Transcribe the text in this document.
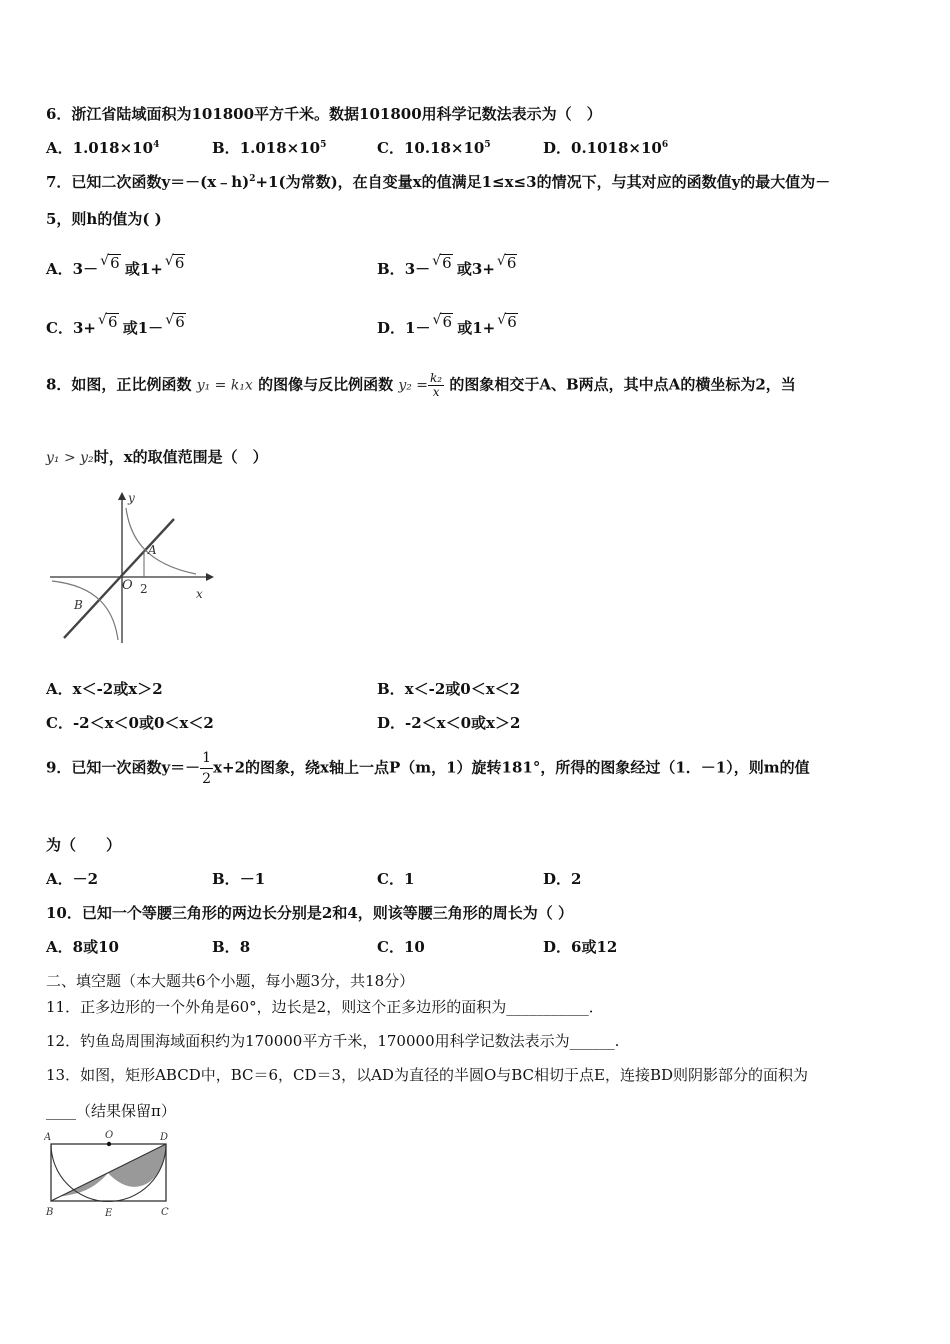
6．浙江省陆域面积为101800平方千米。数据101800用科学记数法表示为（　）
A．$1.018\times 10^4$	B．$1.018\times 10^5$	C．$10.18\times 10^5$	D．$0.1018\times 10^6$
7．已知二次函数y＝－(x﹣h)$^2$+1(为常数)，在自变量x的值满足1≤x≤3的情况下，与其对应的函数值y的最大值为－
5，则h的值为( )
A．3－ √ 6 或1+ √ 6	B．3－ √ 6 或3+ √ 6
C．3+ √ 6 或1－ √ 6	D．1－ √ 6 或1+ √ 6
8．如图，正比例函数 y₁ = k₁x 的图像与反比例函数 $y_2 = \frac{\text{k₂}}{x}$ 的图象相交于A、B两点，其中点A的横坐标为2，当
y₁ > y₂时，x的取值范围是（　）
y
x
O
A
B
2
A．x＜-2或x＞2	B．x＜-2或0＜x＜2
C．-2＜x＜0或0＜x＜2	D．-2＜x＜0或x＞2
9．已知一次函数$y=- \frac{1}{2} x+2$的图象，绕x轴上一点P（m，1）旋转181°，所得的图象经过（1．－1），则m的值
为（　　）
A．－2	B．－1	C．1	D．2
10．已知一个等腰三角形的两边长分别是2和4，则该等腰三角形的周长为（ ）
A．8或10	B．8	C．10	D．6或12
二、填空题（本大题共6个小题，每小题3分，共18分）
11．正多边形的一个外角是60°，边长是2，则这个正多边形的面积为___________．
12．钓鱼岛周围海域面积约为170000平方千米，170000用科学记数法表示为______.
13．如图，矩形ABCD中，BC＝6，CD＝3，以AD为直径的半圆O与BC相切于点E，连接BD则阴影部分的面积为
____（结果保留π）
A	O	D
B	E	C
